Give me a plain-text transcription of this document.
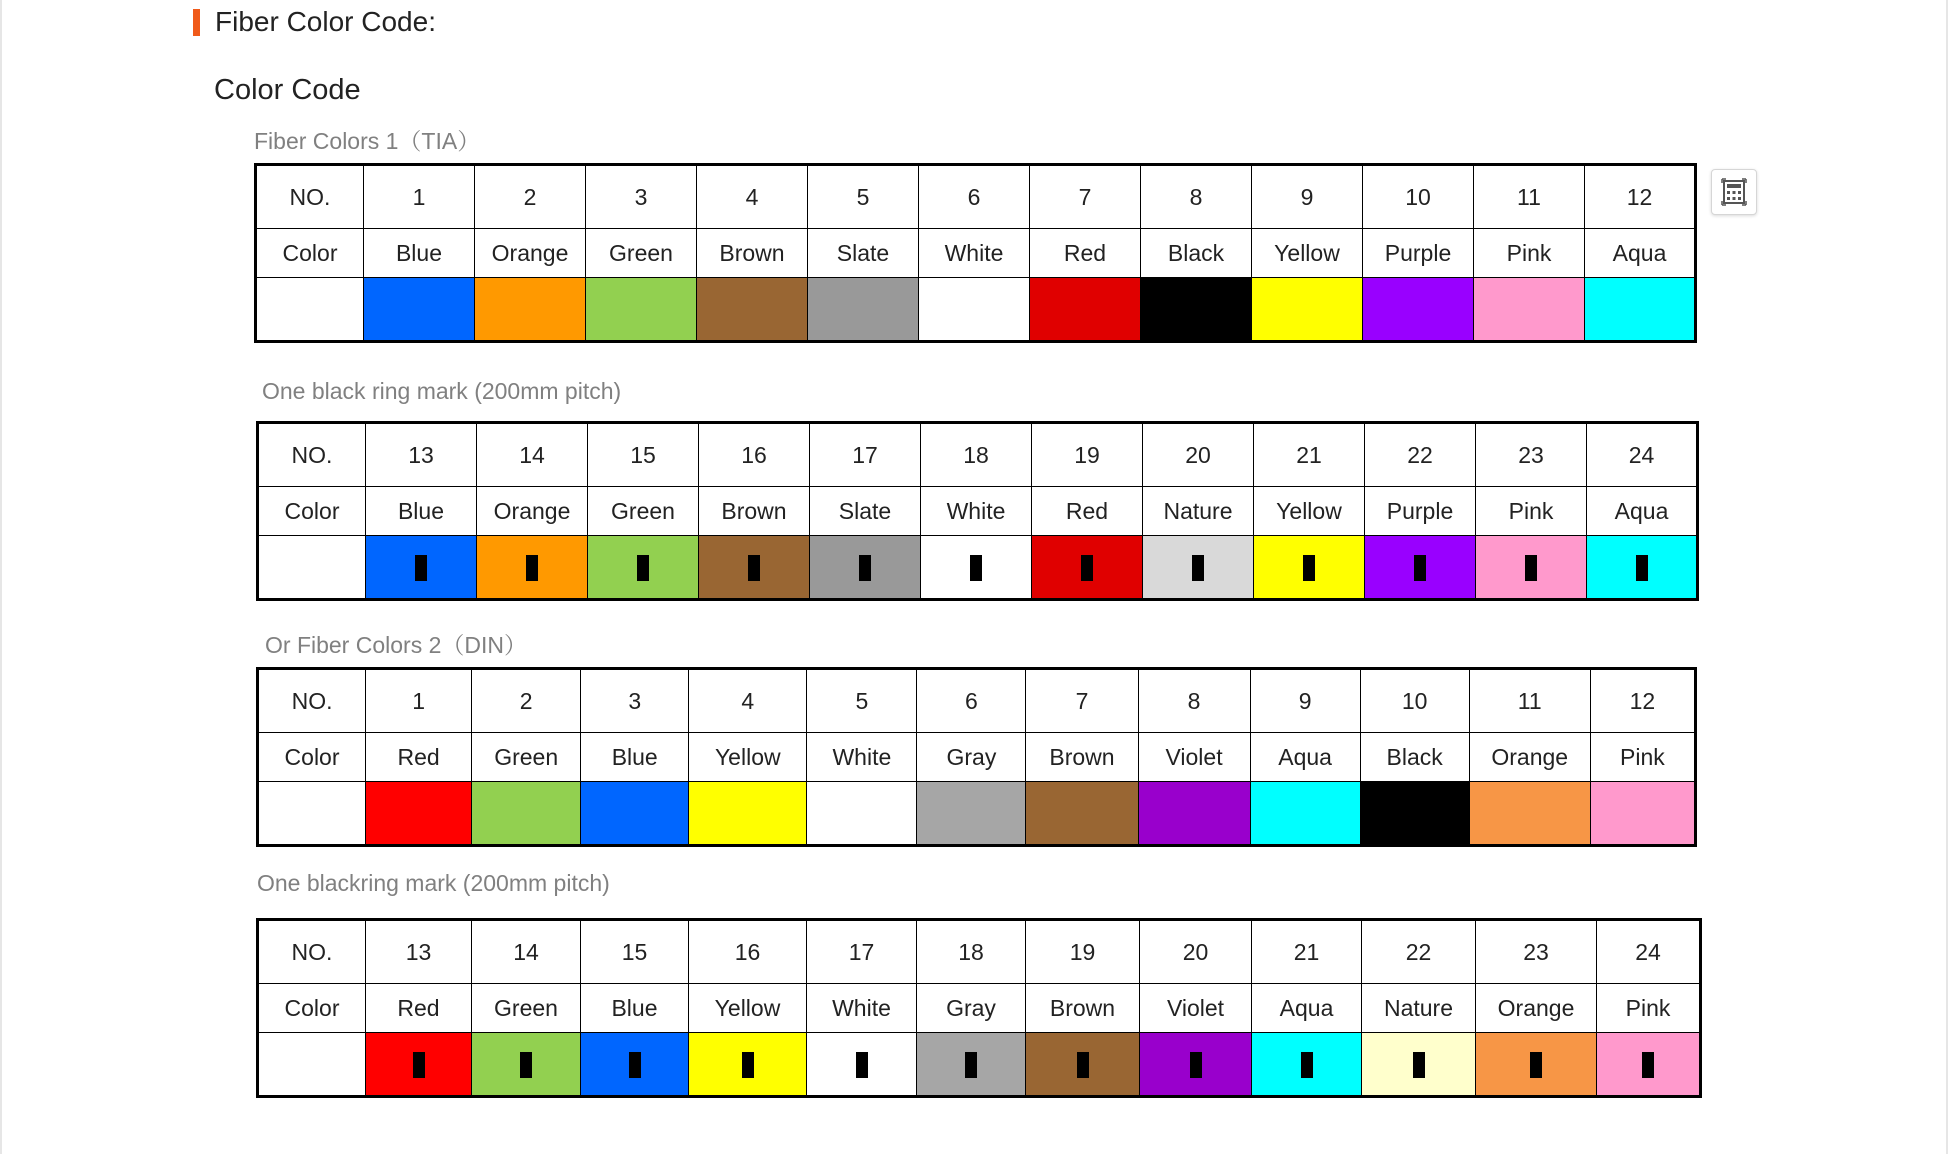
Fiber Color Code:
Color Code
Fiber Colors 1（TIA）
NO.	1	2	3	4	5	6	7	8	9	10	11	12
Color	Blue	Orange	Green	Brown	Slate	White	Red	Black	Yellow	Purple	Pink	Aqua

One black ring mark (200mm pitch)
NO.	13	14	15	16	17	18	19	20	21	22	23	24
Color	Blue	Orange	Green	Brown	Slate	White	Red	Nature	Yellow	Purple	Pink	Aqua

Or Fiber Colors 2（DIN）
NO.	1	2	3	4	5	6	7	8	9	10	11	12
Color	Red	Green	Blue	Yellow	White	Gray	Brown	Violet	Aqua	Black	Orange	Pink

One blackring mark (200mm pitch)
NO.	13	14	15	16	17	18	19	20	21	22	23	24
Color	Red	Green	Blue	Yellow	White	Gray	Brown	Violet	Aqua	Nature	Orange	Pink
